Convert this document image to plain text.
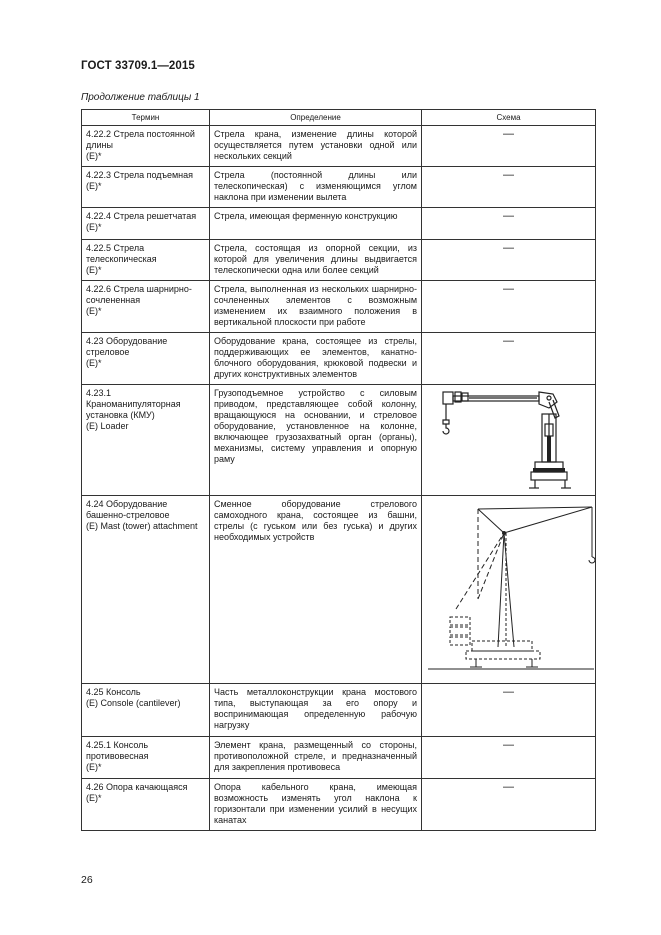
ГОСТ 33709.1—2015
Продолжение таблицы 1
Термин	Определение	Схема
4.22.2 Стрела постоянной длины
(Е)*	Стрела крана, изменение длины которой осуществляется путем установки одной или нескольких секций	—
4.22.3 Стрела подъемная
(Е)*	Стрела (постоянной длины или телескопическая) с изменяющимся углом наклона при изменении вылета	—
4.22.4 Стрела решетчатая
(Е)*	Стрела, имеющая ферменную конструкцию	—
4.22.5 Стрела телескопическая
(Е)*	Стрела, состоящая из опорной секции, из которой для увеличения длины выдвигается телескопически одна или более секций	—
4.22.6 Стрела шарнирно-сочлененная
(Е)*	Стрела, выполненная из нескольких шарнирно-сочлененных элементов с возможным изменением их взаимного положения в вертикальной плоскости при работе	—
4.23 Оборудование стреловое
(Е)*	Оборудование крана, состоящее из стрелы, поддерживающих ее элементов, канатно-блочного оборудования, крюковой подвески и других конструктивных элементов	—
4.23.1 Краноманипуляторная установка (КМУ)
(E) Loader	Грузоподъемное устройство с силовым приводом, представляющее собой колонну, вращающуюся на основании, и стреловое оборудование, установленное на колонне, включающее грузозахватный орган (органы), механизмы, систему управления и опорную раму	

4.24 Оборудование башенно-стреловое
(E) Mast (tower) attachment	Сменное оборудование стрелового самоходного крана, состоящее из башни, стрелы (с гуськом или без гуська) и других необходимых устройств	

4.25 Консоль
(E) Console (cantilever)	Часть металлоконструкции крана мостового типа, выступающая за его опору и воспринимающая определенную рабочую нагрузку	—
4.25.1 Консоль противовесная
(Е)*	Элемент крана, размещенный со стороны, противоположной стреле, и предназначенный для закрепления противовеса	—
4.26 Опора качающаяся
(Е)*	Опора кабельного крана, имеющая возможность изменять угол наклона к горизонтали при изменении усилий в несущих канатах	—
26
